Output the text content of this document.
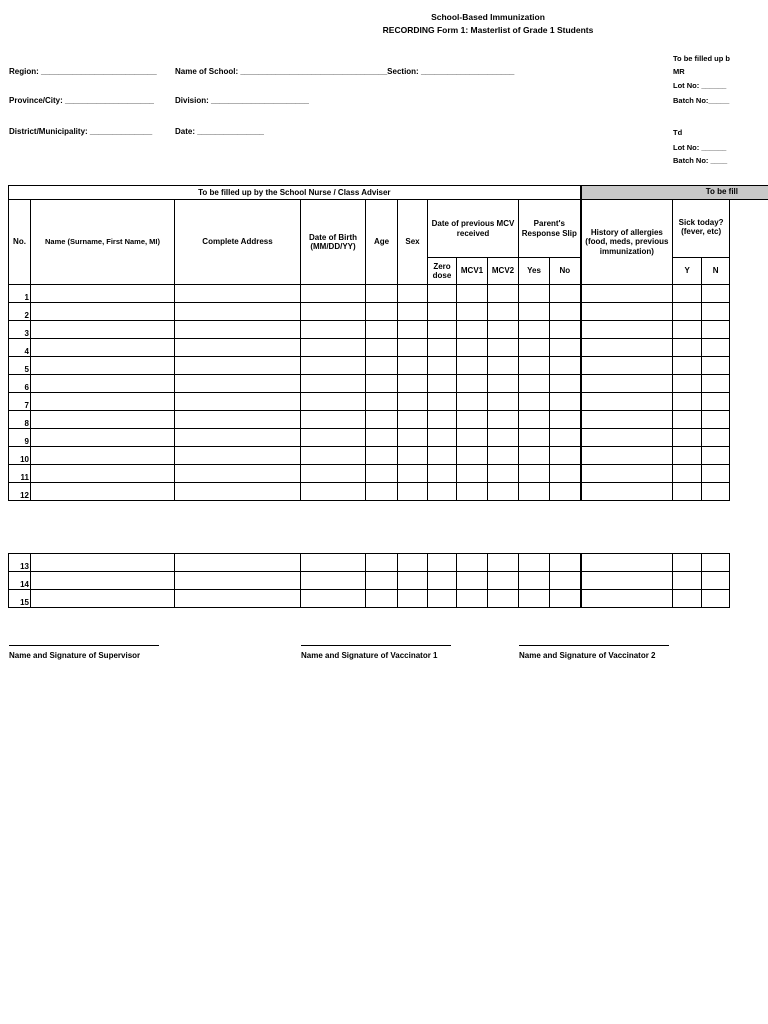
School-Based Immunization
RECORDING Form 1: Masterlist of Grade 1 Students
Region: __________________________ Name of School: _________________________________Section: _____________________
Province/City: ____________________	Division: ______________________
District/Municipality: ______________	Date: _______________
To be filled up b
MR
Lot No: ______
Batch No:_____
Td
Lot No: ______
Batch No: ____
To be fill
To be filled up by the School Nurse / Class Adviser													
No.	Name (Surname, First Name, MI)	Complete Address	Date of Birth (MM/DD/YY)	Age	Sex	Date of previous MCV received			Parent's Response Slip		History of allergies (food, meds, previous immunization)	Sick today? (fever, etc)	
						Zero dose	MCV1	MCV2	Yes	No		Y	N
1													
2													
3													
4													
5													
6													
7													
8													
9													
10													
11													
12													
13													
14													
15													
Name and Signature of Supervisor	Name and Signature of Vaccinator 1	Name and Signature of Vaccinator 2
